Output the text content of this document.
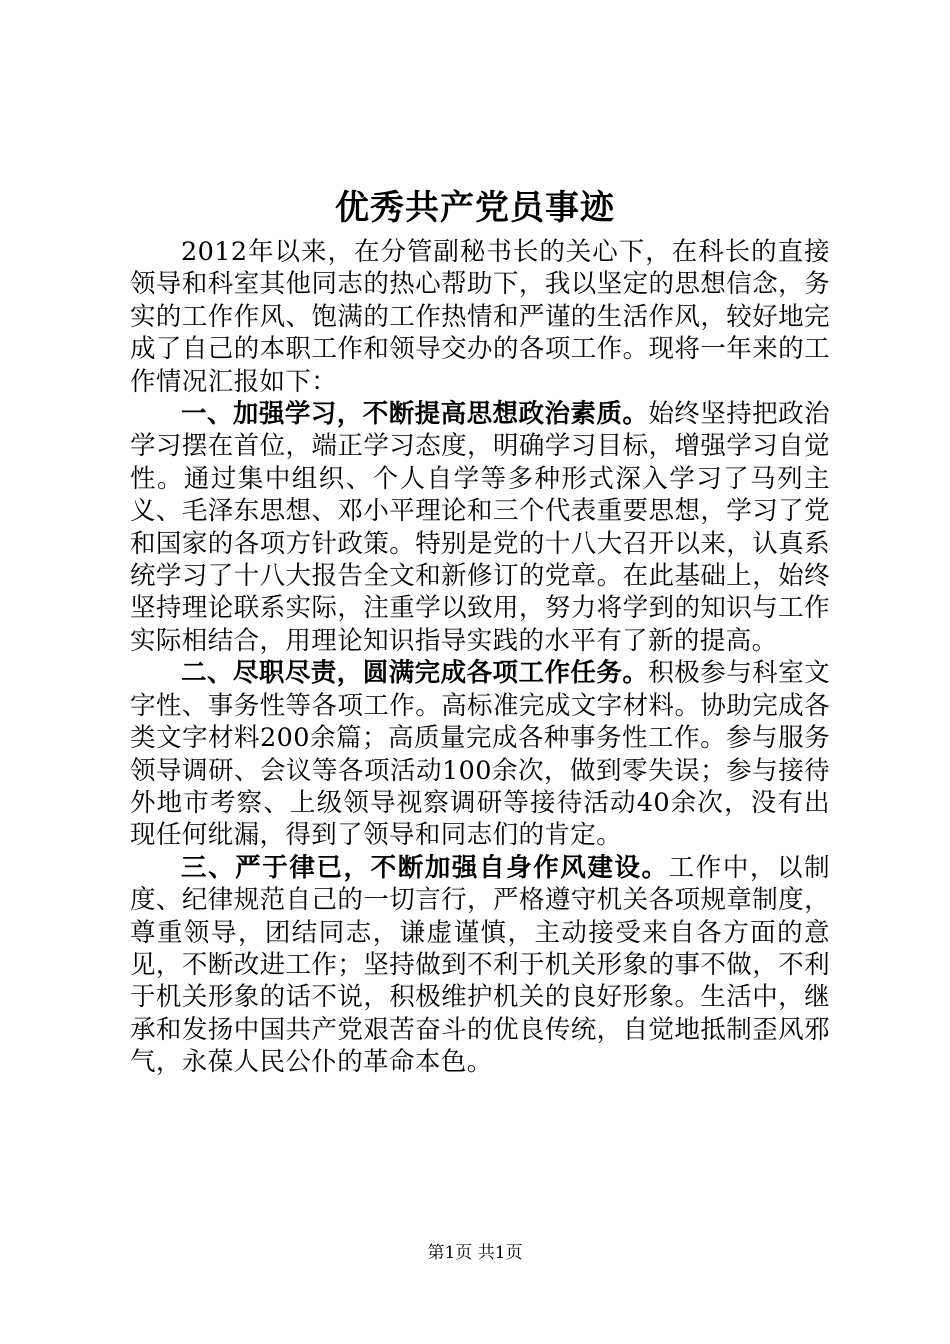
优秀共产党员事迹

2012年以来，在分管副秘书长的关心下，在科长的直接领导和科室其他同志的热心帮助下，我以坚定的思想信念，务实的工作作风、饱满的工作热情和严谨的生活作风，较好地完成了自己的本职工作和领导交办的各项工作。现将一年来的工作情况汇报如下：

一、加强学习，不断提高思想政治素质。始终坚持把政治学习摆在首位，端正学习态度，明确学习目标，增强学习自觉性。通过集中组织、个人自学等多种形式深入学习了马列主义、毛泽东思想、邓小平理论和三个代表重要思想，学习了党和国家的各项方针政策。特别是党的十八大召开以来，认真系统学习了十八大报告全文和新修订的党章。在此基础上，始终坚持理论联系实际，注重学以致用，努力将学到的知识与工作实际相结合，用理论知识指导实践的水平有了新的提高。

二、尽职尽责，圆满完成各项工作任务。积极参与科室文字性、事务性等各项工作。高标准完成文字材料。协助完成各类文字材料200余篇；高质量完成各种事务性工作。参与服务领导调研、会议等各项活动100余次，做到零失误；参与接待外地市考察、上级领导视察调研等接待活动40余次，没有出现任何纰漏，得到了领导和同志们的肯定。

三、严于律已，不断加强自身作风建设。工作中，以制度、纪律规范自己的一切言行，严格遵守机关各项规章制度，尊重领导，团结同志，谦虚谨慎，主动接受来自各方面的意见，不断改进工作；坚持做到不利于机关形象的事不做，不利于机关形象的话不说，积极维护机关的良好形象。生活中，继承和发扬中国共产党艰苦奋斗的优良传统，自觉地抵制歪风邪气，永葆人民公仆的革命本色。

第1页 共1页
